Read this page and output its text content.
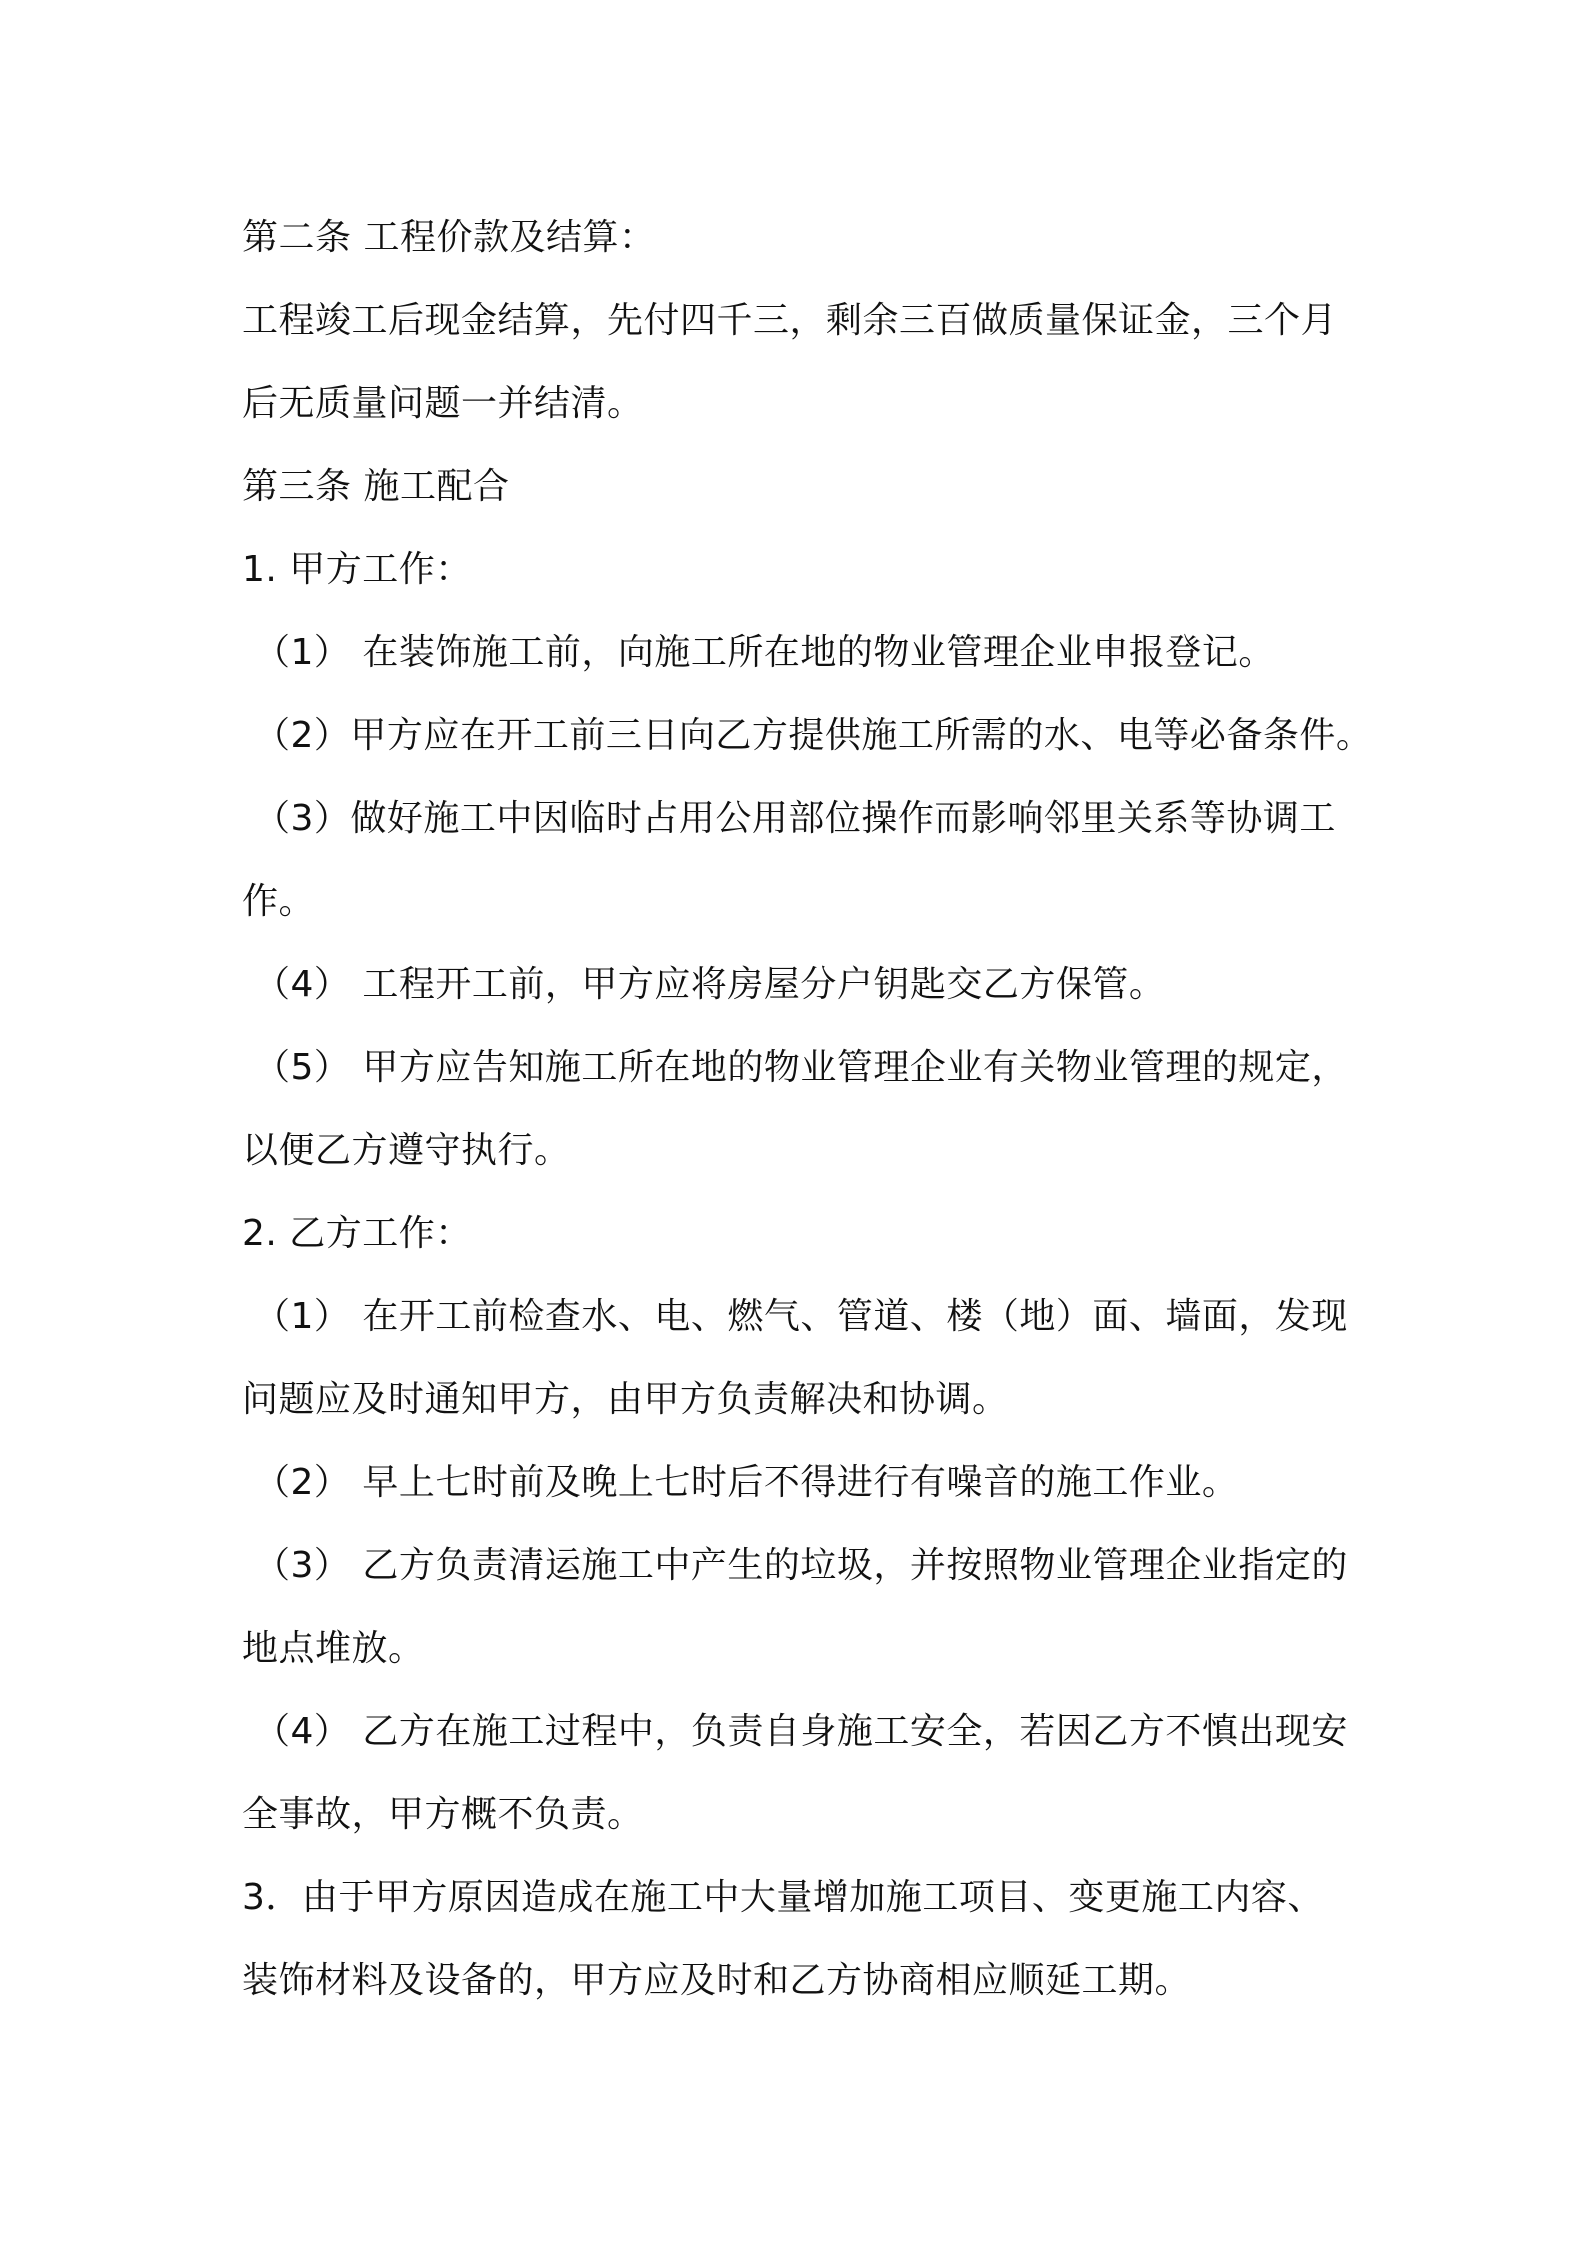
第二条 工程价款及结算：
工程竣工后现金结算，先付四千三，剩余三百做质量保证金，三个月
后无质量问题一并结清。
第三条 施工配合
1. 甲方工作：
（1） 在装饰施工前，向施工所在地的物业管理企业申报登记。
（2）甲方应在开工前三日向乙方提供施工所需的水、电等必备条件。
（3）做好施工中因临时占用公用部位操作而影响邻里关系等协调工
作。
（4） 工程开工前，甲方应将房屋分户钥匙交乙方保管。
（5） 甲方应告知施工所在地的物业管理企业有关物业管理的规定，
以便乙方遵守执行。
2. 乙方工作：
（1） 在开工前检查水、电、燃气、管道、楼（地）面、墙面，发现
问题应及时通知甲方，由甲方负责解决和协调。
（2） 早上七时前及晚上七时后不得进行有噪音的施工作业。
（3） 乙方负责清运施工中产生的垃圾，并按照物业管理企业指定的
地点堆放。
（4） 乙方在施工过程中，负责自身施工安全，若因乙方不慎出现安
全事故，甲方概不负责。
3．由于甲方原因造成在施工中大量增加施工项目、变更施工内容、
装饰材料及设备的，甲方应及时和乙方协商相应顺延工期。
